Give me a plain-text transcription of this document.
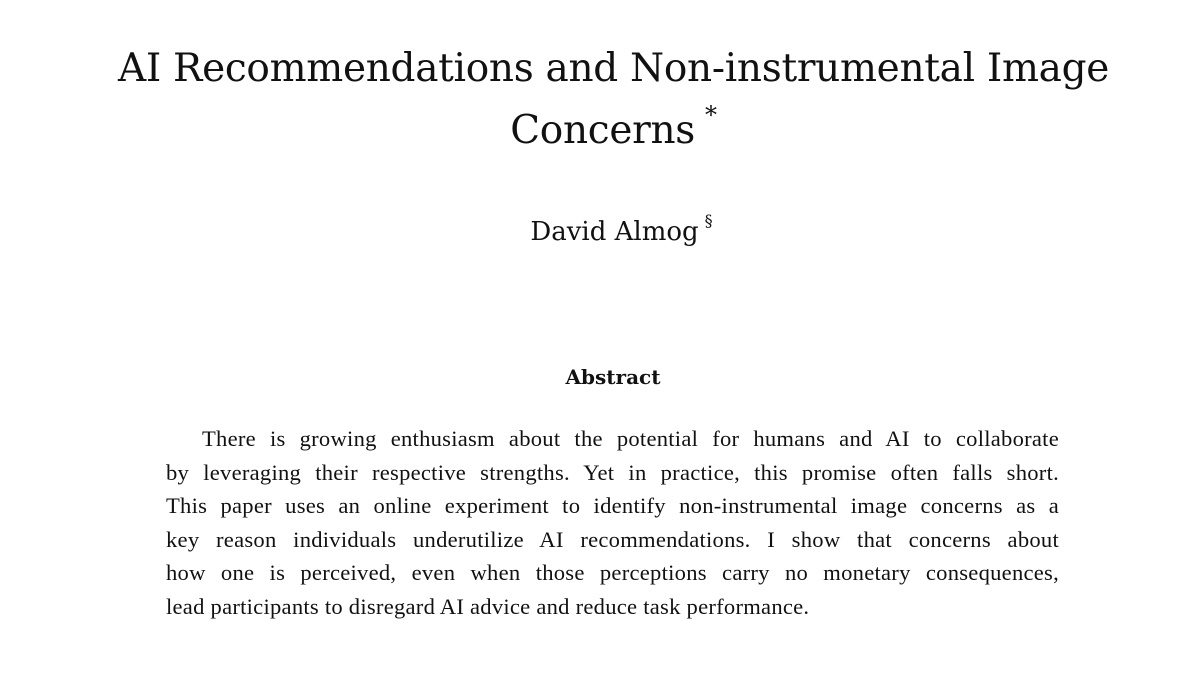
AI Recommendations and Non-instrumental Image
Concerns *
David Almog §
Abstract
There is growing enthusiasm about the potential for humans and AI to collaborate
by leveraging their respective strengths. Yet in practice, this promise often falls short.
This paper uses an online experiment to identify non-instrumental image concerns as a
key reason individuals underutilize AI recommendations. I show that concerns about
how one is perceived, even when those perceptions carry no monetary consequences,
lead participants to disregard AI advice and reduce task performance.
